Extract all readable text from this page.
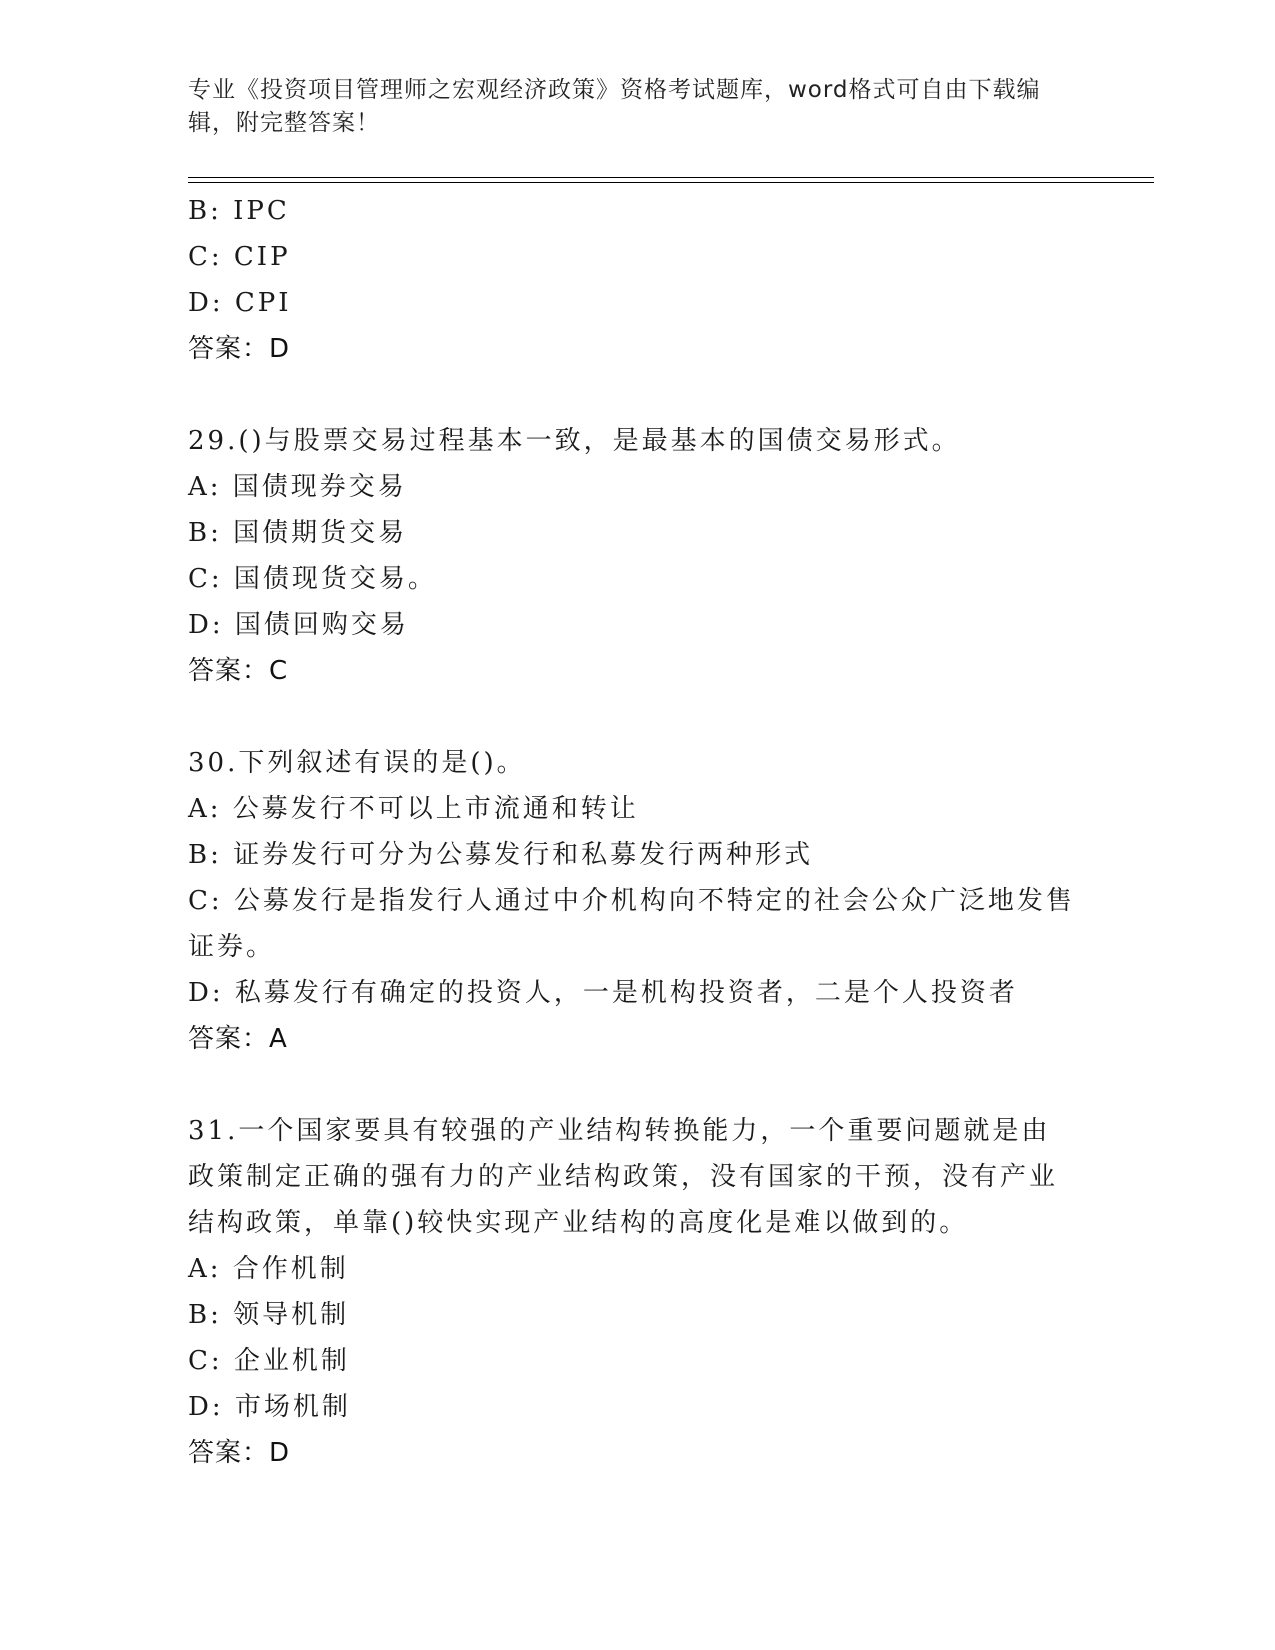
专业《投资项目管理师之宏观经济政策》资格考试题库，word格式可自由下载编辑，附完整答案！
B: IPC
C: CIP
D: CPI
答案：D
29.()与股票交易过程基本一致，是最基本的国债交易形式。
A: 国债现券交易
B: 国债期货交易
C: 国债现货交易。
D: 国债回购交易
答案：C
30.下列叙述有误的是()。
A: 公募发行不可以上市流通和转让
B: 证券发行可分为公募发行和私募发行两种形式
C: 公募发行是指发行人通过中介机构向不特定的社会公众广泛地发售证券。
D: 私募发行有确定的投资人，一是机构投资者，二是个人投资者
答案：A
31.一个国家要具有较强的产业结构转换能力，一个重要问题就是由政策制定正确的强有力的产业结构政策，没有国家的干预，没有产业结构政策，单靠()较快实现产业结构的高度化是难以做到的。
A: 合作机制
B: 领导机制
C: 企业机制
D: 市场机制
答案：D
